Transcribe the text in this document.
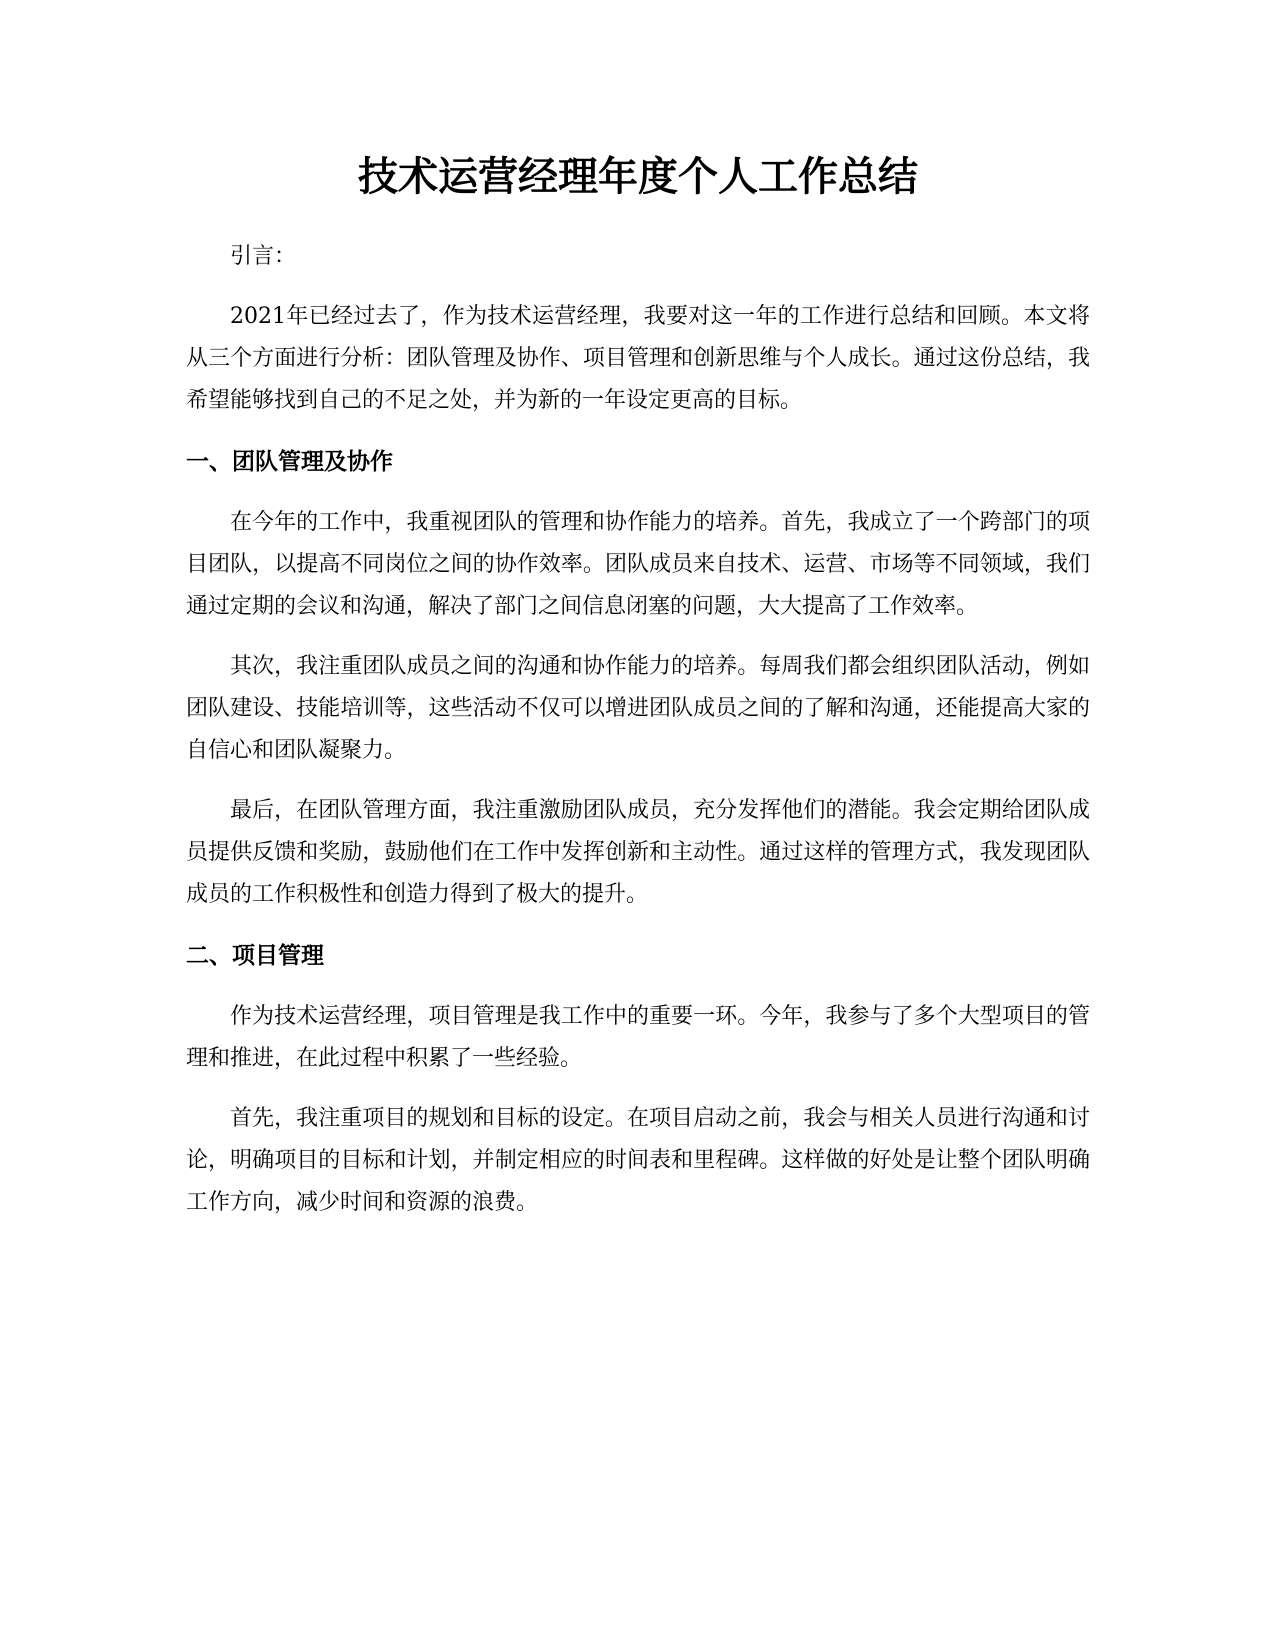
技术运营经理年度个人工作总结

引言：

2021年已经过去了，作为技术运营经理，我要对这一年的工作进行总结和回顾。本文将从三个方面进行分析：团队管理及协作、项目管理和创新思维与个人成长。通过这份总结，我希望能够找到自己的不足之处，并为新的一年设定更高的目标。

一、团队管理及协作

在今年的工作中，我重视团队的管理和协作能力的培养。首先，我成立了一个跨部门的项目团队，以提高不同岗位之间的协作效率。团队成员来自技术、运营、市场等不同领域，我们通过定期的会议和沟通，解决了部门之间信息闭塞的问题，大大提高了工作效率。

其次，我注重团队成员之间的沟通和协作能力的培养。每周我们都会组织团队活动，例如团队建设、技能培训等，这些活动不仅可以增进团队成员之间的了解和沟通，还能提高大家的自信心和团队凝聚力。

最后，在团队管理方面，我注重激励团队成员，充分发挥他们的潜能。我会定期给团队成员提供反馈和奖励，鼓励他们在工作中发挥创新和主动性。通过这样的管理方式，我发现团队成员的工作积极性和创造力得到了极大的提升。

二、项目管理

作为技术运营经理，项目管理是我工作中的重要一环。今年，我参与了多个大型项目的管理和推进，在此过程中积累了一些经验。

首先，我注重项目的规划和目标的设定。在项目启动之前，我会与相关人员进行沟通和讨论，明确项目的目标和计划，并制定相应的时间表和里程碑。这样做的好处是让整个团队明确工作方向，减少时间和资源的浪费。
